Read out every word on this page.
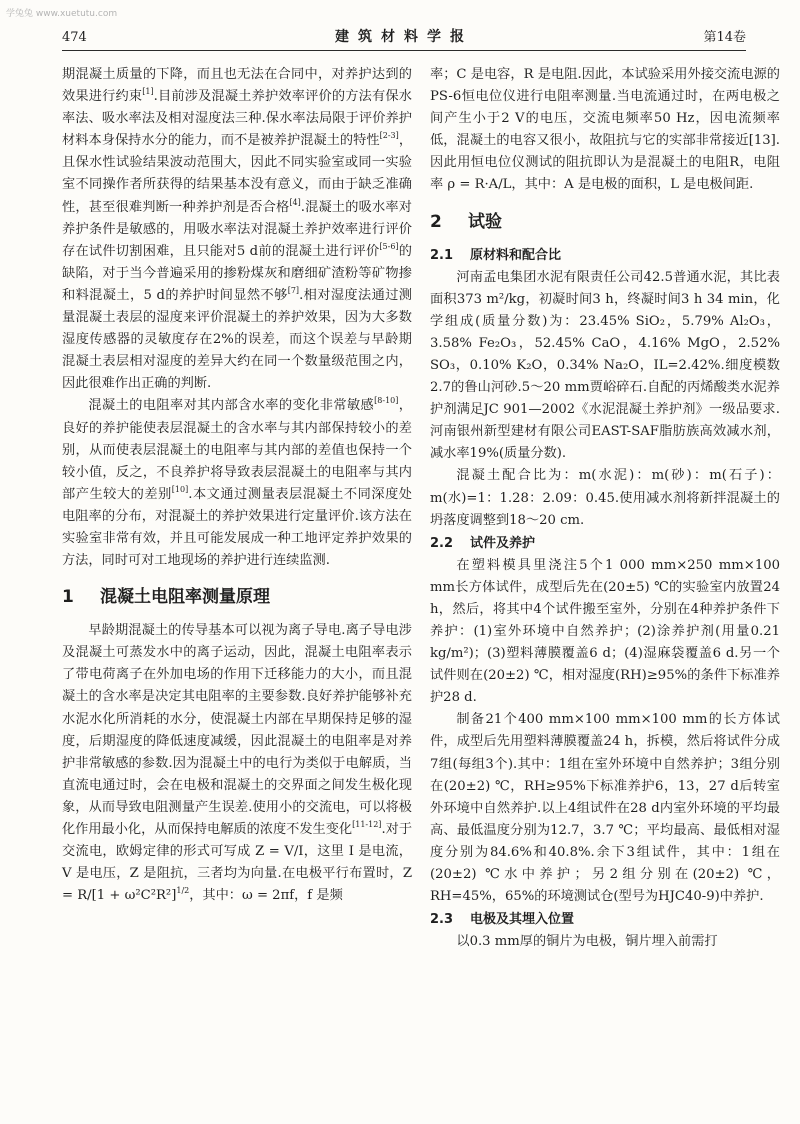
学兔兔 www.xuetutu.com
474	建筑材料学报	第14卷

期混凝土质量的下降，而且也无法在合同中，对养护达到的效果进行约束[1].目前涉及混凝土养护效率评价的方法有保水率法、吸水率法及相对湿度法三种.保水率法局限于评价养护材料本身保持水分的能力，而不是被养护混凝土的特性[2-3]，且保水性试验结果波动范围大，因此不同实验室或同一实验室不同操作者所获得的结果基本没有意义，而由于缺乏准确性，甚至很难判断一种养护剂是否合格[4].混凝土的吸水率对养护条件是敏感的，用吸水率法对混凝土养护效率进行评价存在试件切割困难，且只能对5 d前的混凝土进行评价[5-6]的缺陷，对于当今普遍采用的掺粉煤灰和磨细矿渣粉等矿物掺和料混凝土，5 d的养护时间显然不够[7].相对湿度法通过测量混凝土表层的湿度来评价混凝土的养护效果，因为大多数湿度传感器的灵敏度存在2%的误差，而这个误差与早龄期混凝土表层相对湿度的差异大约在同一个数量级范围之内，因此很难作出正确的判断.

混凝土的电阻率对其内部含水率的变化非常敏感[8-10]，良好的养护能使表层混凝土的含水率与其内部保持较小的差别，从而使表层混凝土的电阻率与其内部的差值也保持一个较小值，反之，不良养护将导致表层混凝土的电阻率与其内部产生较大的差别[10].本文通过测量表层混凝土不同深度处电阻率的分布，对混凝土的养护效果进行定量评价.该方法在实验室非常有效，并且可能发展成一种工地评定养护效果的方法，同时可对工地现场的养护进行连续监测.

1	混凝土电阻率测量原理

早龄期混凝土的传导基本可以视为离子导电.离子导电涉及混凝土可蒸发水中的离子运动，因此，混凝土电阻率表示了带电荷离子在外加电场的作用下迁移能力的大小，而且混凝土的含水率是决定其电阻率的主要参数.良好养护能够补充水泥水化所消耗的水分，使混凝土内部在早期保持足够的湿度，后期湿度的降低速度减缓，因此混凝土的电阻率是对养护非常敏感的参数.因为混凝土中的电行为类似于电解质，当直流电通过时，会在电极和混凝土的交界面之间发生极化现象，从而导致电阻测量产生误差.使用小的交流电，可以将极化作用最小化，从而保持电解质的浓度不发生变化[11-12].对于交流电，欧姆定律的形式可写成 Z = V/I，这里 I 是电流，V 是电压，Z 是阻抗，三者均为向量.在电极平行布置时，$Z = R/[1 + \omega^2C^2R^2]^{1/2}$，其中：ω = 2πf，f 是频

率；C 是电容，R 是电阻.因此，本试验采用外接交流电源的PS-6恒电位仪进行电阻率测量.当电流通过时，在两电极之间产生小于2 V的电压，交流电频率50 Hz，因电流频率低，混凝土的电容又很小，故阻抗与它的实部非常接近[13].因此用恒电位仪测试的阻抗即认为是混凝土的电阻R，电阻率 ρ = R·A/L，其中：A 是电极的面积，L 是电极间距.

2	试验
2.1	原材料和配合比

河南孟电集团水泥有限责任公司42.5普通水泥，其比表面积373 m²/kg，初凝时间3 h，终凝时间3 h 34 min，化学组成(质量分数)为：23.45% SiO₂，5.79% Al₂O₃，3.58% Fe₂O₃，52.45% CaO，4.16% MgO，2.52% SO₃，0.10% K₂O，0.34% Na₂O，IL=2.42%.细度模数2.7的鲁山河砂.5～20 mm贾峪碎石.自配的丙烯酸类水泥养护剂满足JC 901—2002《水泥混凝土养护剂》一级品要求.河南银州新型建材有限公司EAST-SAF脂肪族高效减水剂，减水率19%(质量分数).

混凝土配合比为：m(水泥)：m(砂)：m(石子)：m(水)=1：1.28：2.09：0.45.使用减水剂将新拌混凝土的坍落度调整到18～20 cm.

2.2	试件及养护

在塑料模具里浇注5个1 000 mm×250 mm×100 mm长方体试件，成型后先在(20±5) ℃的实验室内放置24 h，然后，将其中4个试件搬至室外，分别在4种养护条件下养护：(1)室外环境中自然养护；(2)涂养护剂(用量0.21 kg/m²)；(3)塑料薄膜覆盖6 d；(4)湿麻袋覆盖6 d.另一个试件则在(20±2) ℃，相对湿度(RH)≥95%的条件下标准养护28 d.

制备21个400 mm×100 mm×100 mm的长方体试件，成型后先用塑料薄膜覆盖24 h，拆模，然后将试件分成7组(每组3个).其中：1组在室外环境中自然养护；3组分别在(20±2) ℃，RH≥95%下标准养护6，13，27 d后转室外环境中自然养护.以上4组试件在28 d内室外环境的平均最高、最低温度分别为12.7，3.7 ℃；平均最高、最低相对湿度分别为84.6%和40.8%.余下3组试件，其中：1组在(20±2) ℃水中养护；另2组分别在(20±2) ℃，RH=45%，65%的环境测试仓(型号为HJC40-9)中养护.

2.3	电极及其埋入位置

以0.3 mm厚的铜片为电极，铜片埋入前需打
